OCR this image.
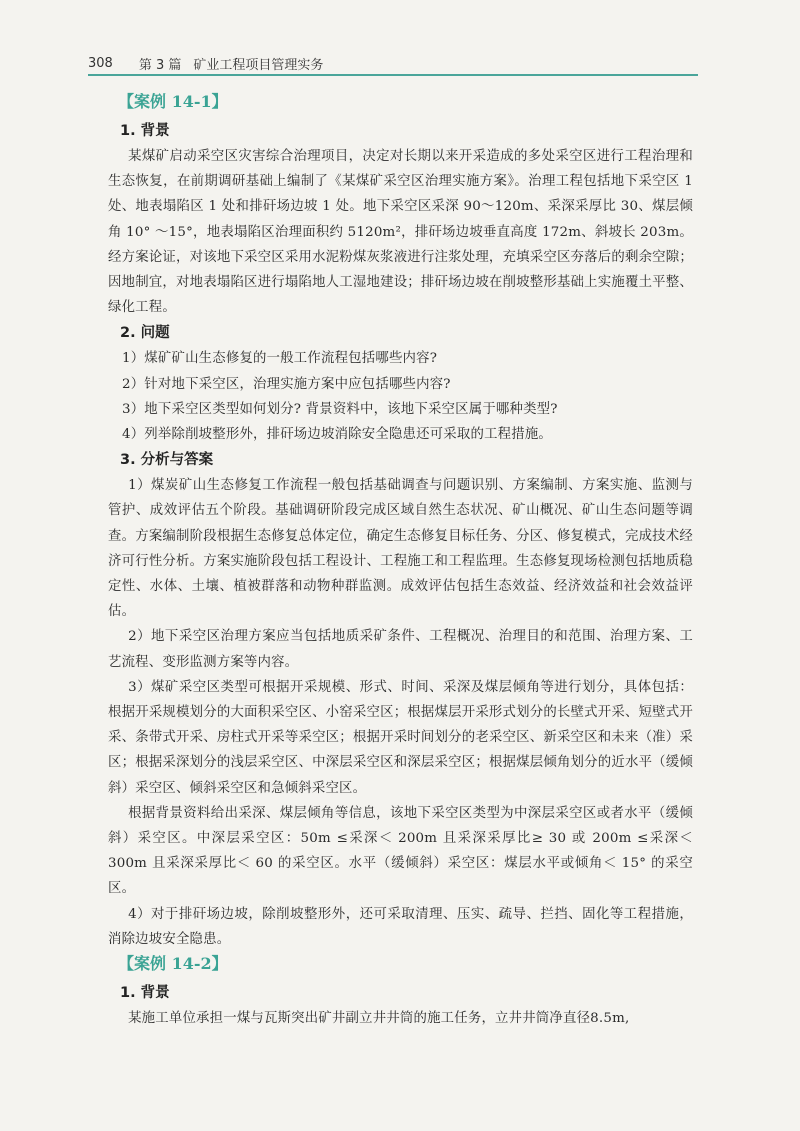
308 第 3 篇 矿业工程项目管理实务
【案例 14-1】
1. 背景

某煤矿启动采空区灾害综合治理项目，决定对长期以来开采造成的多处采空区进行工程治理和生态恢复，在前期调研基础上编制了《某煤矿采空区治理实施方案》。治理工程包括地下采空区 1 处、地表塌陷区 1 处和排矸场边坡 1 处。地下采空区采深 90～120m、采深采厚比 30、煤层倾角 10° ～15°，地表塌陷区治理面积约 5120m²，排矸场边坡垂直高度 172m、斜坡长 203m。经方案论证，对该地下采空区采用水泥粉煤灰浆液进行注浆处理，充填采空区夯落后的剩余空隙；因地制宜，对地表塌陷区进行塌陷地人工湿地建设；排矸场边坡在削坡整形基础上实施覆土平整、绿化工程。

2. 问题

1）煤矿矿山生态修复的一般工作流程包括哪些内容?

2）针对地下采空区，治理实施方案中应包括哪些内容?

3）地下采空区类型如何划分? 背景资料中，该地下采空区属于哪种类型?

4）列举除削坡整形外，排矸场边坡消除安全隐患还可采取的工程措施。

3. 分析与答案

1）煤炭矿山生态修复工作流程一般包括基础调查与问题识别、方案编制、方案实施、监测与管护、成效评估五个阶段。基础调研阶段完成区域自然生态状况、矿山概况、矿山生态问题等调查。方案编制阶段根据生态修复总体定位，确定生态修复目标任务、分区、修复模式，完成技术经济可行性分析。方案实施阶段包括工程设计、工程施工和工程监理。生态修复现场检测包括地质稳定性、水体、土壤、植被群落和动物种群监测。成效评估包括生态效益、经济效益和社会效益评估。

2）地下采空区治理方案应当包括地质采矿条件、工程概况、治理目的和范围、治理方案、工艺流程、变形监测方案等内容。

3）煤矿采空区类型可根据开采规模、形式、时间、采深及煤层倾角等进行划分，具体包括：根据开采规模划分的大面积采空区、小窑采空区；根据煤层开采形式划分的长壁式开采、短壁式开采、条带式开采、房柱式开采等采空区；根据开采时间划分的老采空区、新采空区和未来（准）采区；根据采深划分的浅层采空区、中深层采空区和深层采空区；根据煤层倾角划分的近水平（缓倾斜）采空区、倾斜采空区和急倾斜采空区。

根据背景资料给出采深、煤层倾角等信息，该地下采空区类型为中深层采空区或者水平（缓倾斜）采空区。中深层采空区：50m ≤采深＜ 200m 且采深采厚比≥ 30 或 200m ≤采深＜ 300m 且采深采厚比＜ 60 的采空区。水平（缓倾斜）采空区：煤层水平或倾角＜ 15° 的采空区。

4）对于排矸场边坡，除削坡整形外，还可采取清理、压实、疏导、拦挡、固化等工程措施，消除边坡安全隐患。

【案例 14-2】
1. 背景

某施工单位承担一煤与瓦斯突出矿井副立井井筒的施工任务，立井井筒净直径8.5m,
